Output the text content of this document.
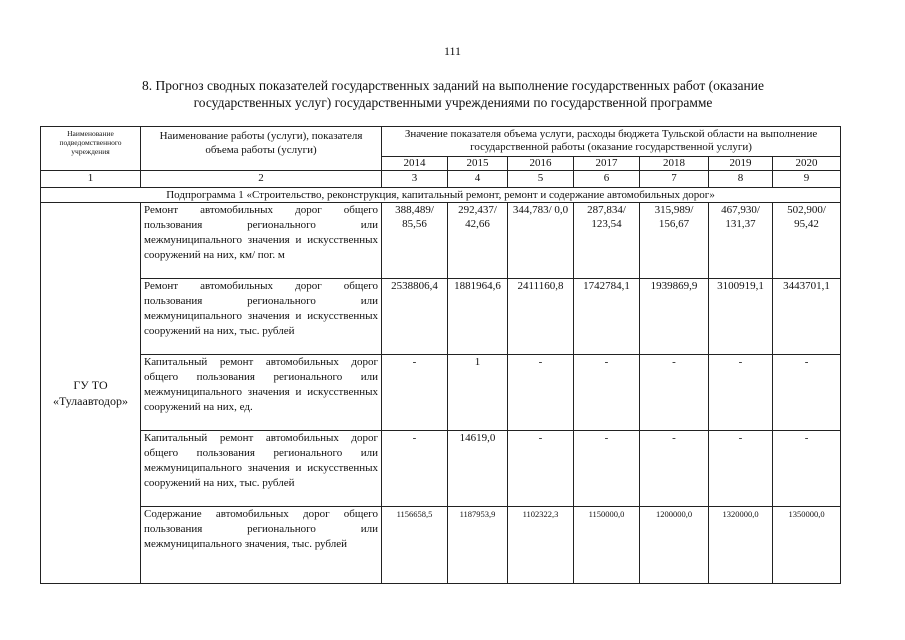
111
8. Прогноз сводных показателей государственных заданий на выполнение государственных работ (оказание
государственных услуг) государственными учреждениями по государственной программе
Наименование подведомственного учреждения	Наименование работы (услуги), показателя объема работы (услуги)	Значение показателя объема услуги, расходы бюджета Тульской области на выполнение государственной работы (оказание государственной услуги)						
		2014	2015	2016	2017	2018	2019	2020
1	2	3	4	5	6	7	8	9
Подпрограмма 1 «Строительство, реконструкция, капитальный ремонт, ремонт и содержание автомобильных дорог»								

ГУ ТО
«Тулаавтодор»	Ремонт автомобильных дорог общего пользования регионального или межмуниципального значения и искусственных сооружений на них, км/ пог. м	388,489/ 85,56	292,437/ 42,66	344,783/ 0,0	287,834/ 123,54	315,989/ 156,67	467,930/ 131,37	502,900/ 95,42
	Ремонт автомобильных дорог общего пользования регионального или межмуниципального значения и искусственных сооружений на них, тыс. рублей	2538806,4	1881964,6	2411160,8	1742784,1	1939869,9	3100919,1	3443701,1
	Капитальный ремонт автомобильных дорог общего пользования регионального или межмуниципального значения и искусственных сооружений на них, ед.	-	1	-	-	-	-	-
	Капитальный ремонт автомобильных дорог общего пользования регионального или межмуниципального значения и искусственных сооружений на них, тыс. рублей	-	14619,0	-	-	-	-	-
	Содержание автомобильных дорог общего пользования регионального или межмуниципального значения, тыс. рублей	1156658,5	1187953,9	1102322,3	1150000,0	1200000,0	1320000,0	1350000,0
